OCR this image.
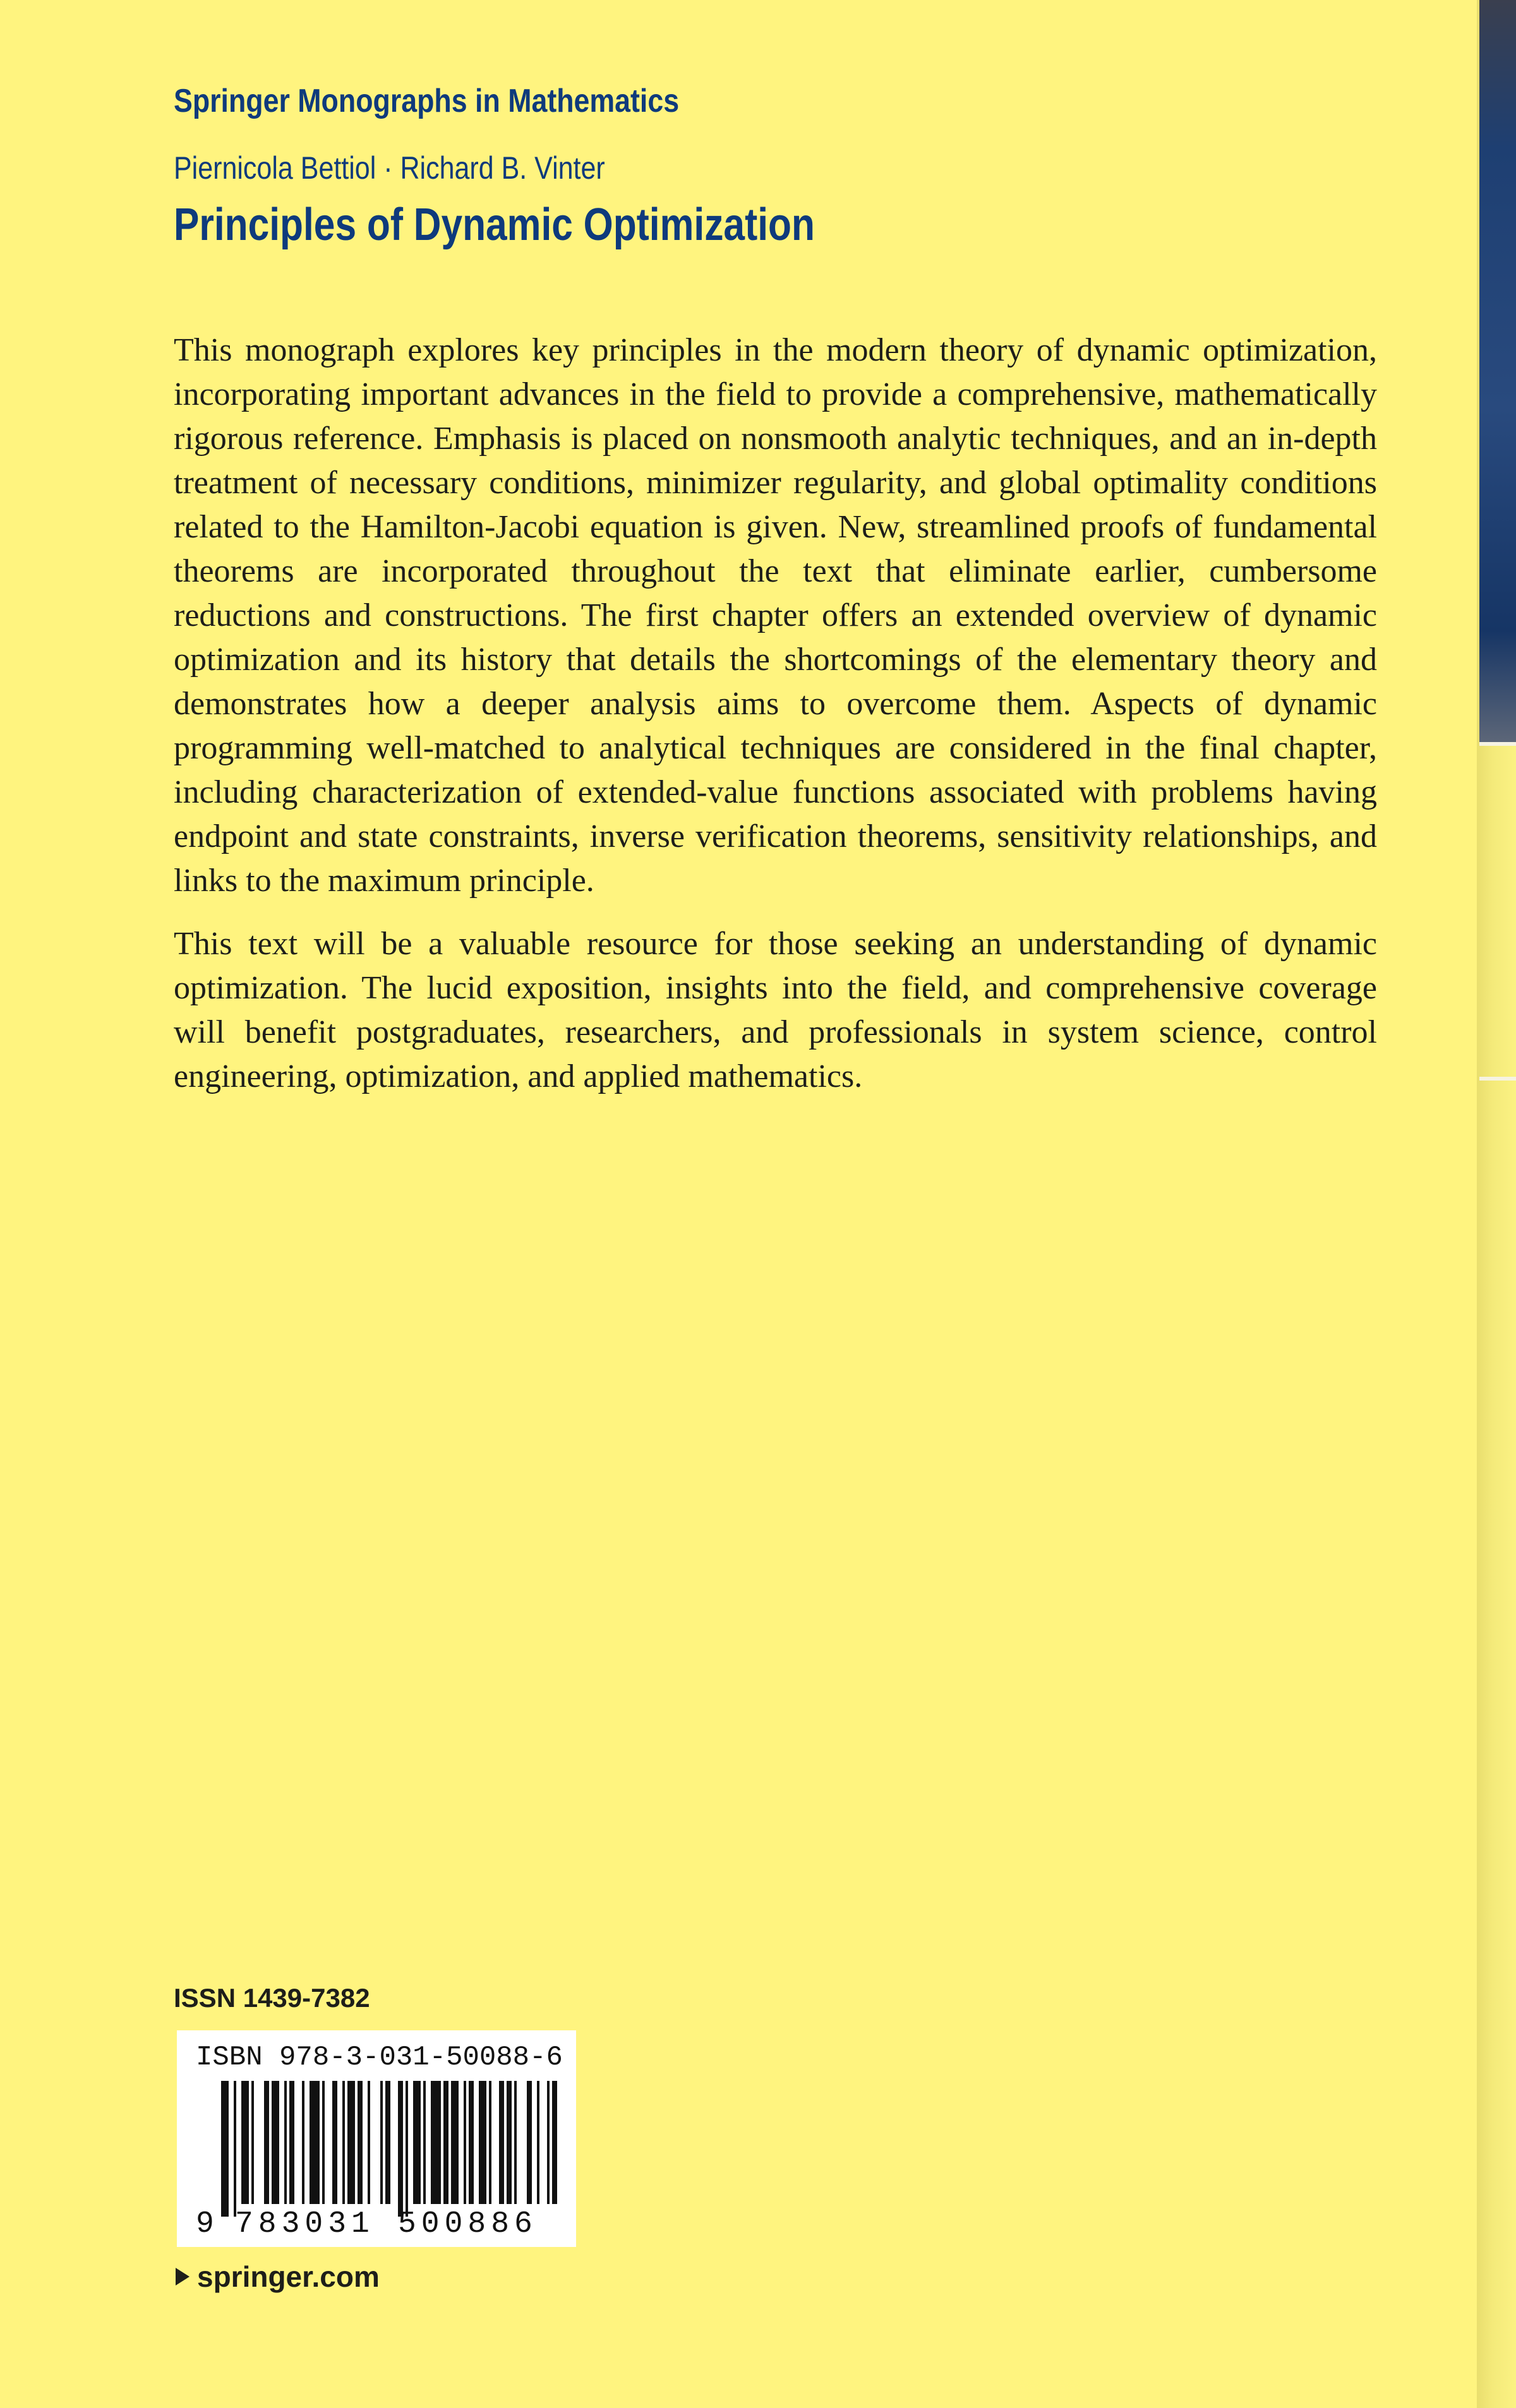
Springer Monographs in Mathematics
Piernicola Bettiol · Richard B. Vinter
Principles of Dynamic Optimization

This monograph explores key principles in the modern theory of dynamic optimization, incorporating important advances in the field to provide a comprehensive, mathematically rigorous reference. Emphasis is placed on nonsmooth analytic techniques, and an in-depth treatment of necessary conditions, minimizer regularity, and global optimality conditions related to the Hamilton-Jacobi equation is given. New, streamlined proofs of fundamental theorems are incorporated throughout the text that eliminate earlier, cumbersome reductions and constructions. The first chapter offers an extended overview of dynamic optimization and its history that details the shortcomings of the elementary theory and demonstrates how a deeper analysis aims to overcome them. Aspects of dynamic programming well-matched to analytical techniques are considered in the final chapter, including characterization of extended-value functions associated with problems having endpoint and state constraints, inverse verification theorems, sensitivity relationships, and links to the maximum principle.

This text will be a valuable resource for those seeking an understanding of dynamic optimization. The lucid exposition, insights into the field, and comprehensive coverage will benefit postgraduates, researchers, and professionals in system science, control engineering, optimization, and applied mathematics.

ISSN 1439-7382
ISBN 978-3-031-50088-6
9 783031 500886
springer.com
